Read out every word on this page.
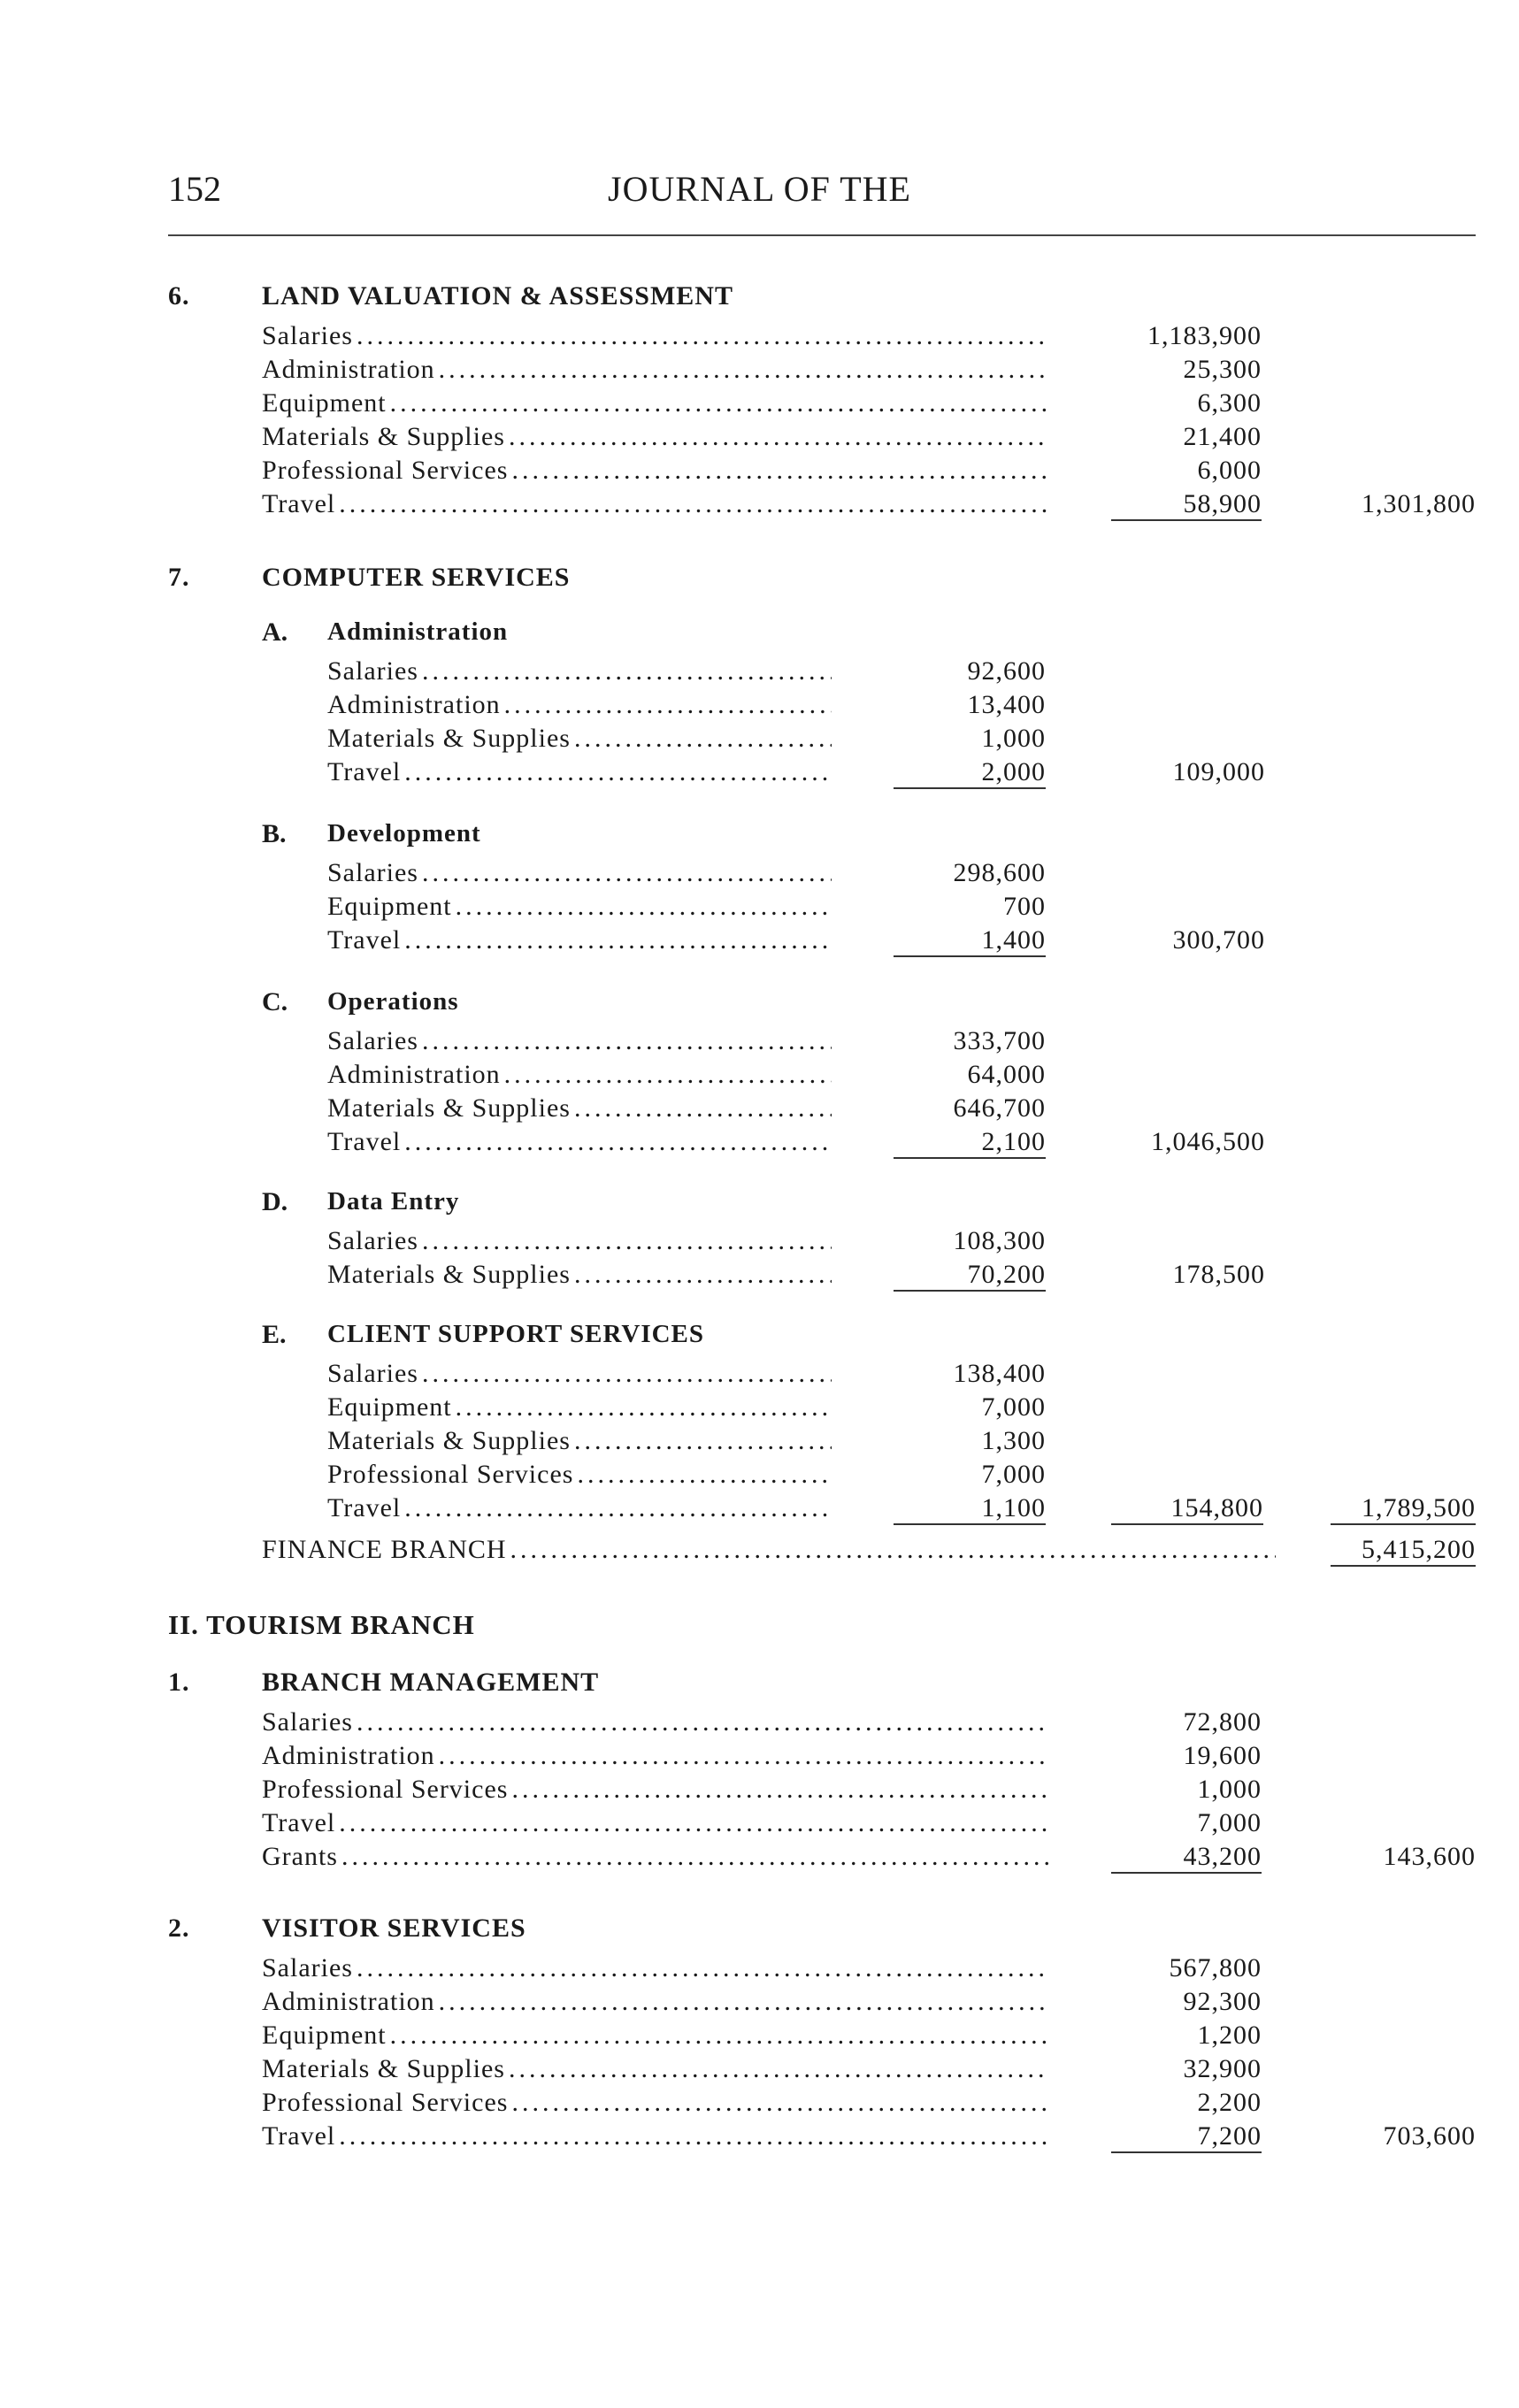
152	JOURNAL OF THE
6.	LAND VALUATION & ASSESSMENT
Salaries .....	1,183,900
Administration .....	25,300
Equipment .....	6,300
Materials & Supplies .....	21,400
Professional Services .....	6,000
Travel .....	58,900	1,301,800
7.	COMPUTER SERVICES
A. Administration
Salaries .....	92,600
Administration .....	13,400
Materials & Supplies .....	1,000
Travel .....	2,000	109,000
B. Development
Salaries .....	298,600
Equipment .....	700
Travel .....	1,400	300,700
C. Operations
Salaries .....	333,700
Administration .....	64,000
Materials & Supplies .....	646,700
Travel .....	2,100	1,046,500
D. Data Entry
Salaries .....	108,300
Materials & Supplies .....	70,200	178,500
E. CLIENT SUPPORT SERVICES
Salaries .....	138,400
Equipment .....	7,000
Materials & Supplies .....	1,300
Professional Services .....	7,000
Travel .....	1,100	154,800	1,789,500
FINANCE BRANCH .....	5,415,200
II. TOURISM BRANCH
1.	BRANCH MANAGEMENT
Salaries .....	72,800
Administration .....	19,600
Professional Services .....	1,000
Travel .....	7,000
Grants .....	43,200	143,600
2.	VISITOR SERVICES
Salaries .....	567,800
Administration .....	92,300
Equipment .....	1,200
Materials & Supplies .....	32,900
Professional Services .....	2,200
Travel .....	7,200	703,600
